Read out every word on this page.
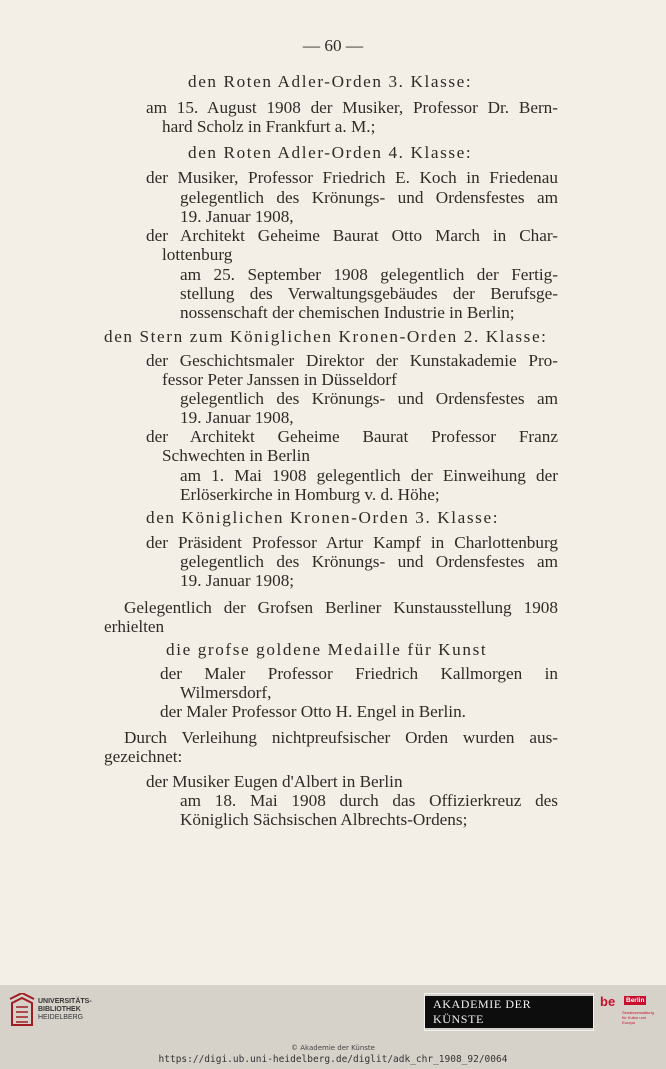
— 60 —
den Roten Adler-Orden 3. Klasse:
am 15. August 1908 der Musiker, Professor Dr. Bern-
hard Scholz in Frankfurt a. M.;
den Roten Adler-Orden 4. Klasse:
der Musiker, Professor Friedrich E. Koch in Friedenau
gelegentlich des Krönungs- und Ordensfestes am
19. Januar 1908,
der Architekt Geheime Baurat Otto March in Char-
lottenburg
am 25. September 1908 gelegentlich der Fertig-
stellung des Verwaltungsgebäudes der Berufsge-
nossenschaft der chemischen Industrie in Berlin;
den Stern zum Königlichen Kronen-Orden 2. Klasse:
der Geschichtsmaler Direktor der Kunstakademie Pro-
fessor Peter Janssen in Düsseldorf
gelegentlich des Krönungs- und Ordensfestes am
19. Januar 1908,
der Architekt Geheime Baurat Professor Franz
Schwechten in Berlin
am 1. Mai 1908 gelegentlich der Einweihung der
Erlöserkirche in Homburg v. d. Höhe;
den Königlichen Kronen-Orden 3. Klasse:
der Präsident Professor Artur Kampf in Charlottenburg
gelegentlich des Krönungs- und Ordensfestes am
19. Januar 1908;
Gelegentlich der Grofsen Berliner Kunstausstellung 1908
erhielten
die grofse goldene Medaille für Kunst
der Maler Professor Friedrich Kallmorgen in
Wilmersdorf,
der Maler Professor Otto H. Engel in Berlin.
Durch Verleihung nichtpreufsischer Orden wurden aus-
gezeichnet:
der Musiker Eugen d'Albert in Berlin
am 18. Mai 1908 durch das Offizierkreuz des
Königlich Sächsischen Albrechts-Ordens;
UNIVERSITÄTS-
BIBLIOTHEK
HEIDELBERG
AKADEMIE DER KÜNSTE
be	Berlin
Senatsverwaltung für Kultur und Europa
© Akademie der Künste
https://digi.ub.uni-heidelberg.de/diglit/adk_chr_1908_92/0064
